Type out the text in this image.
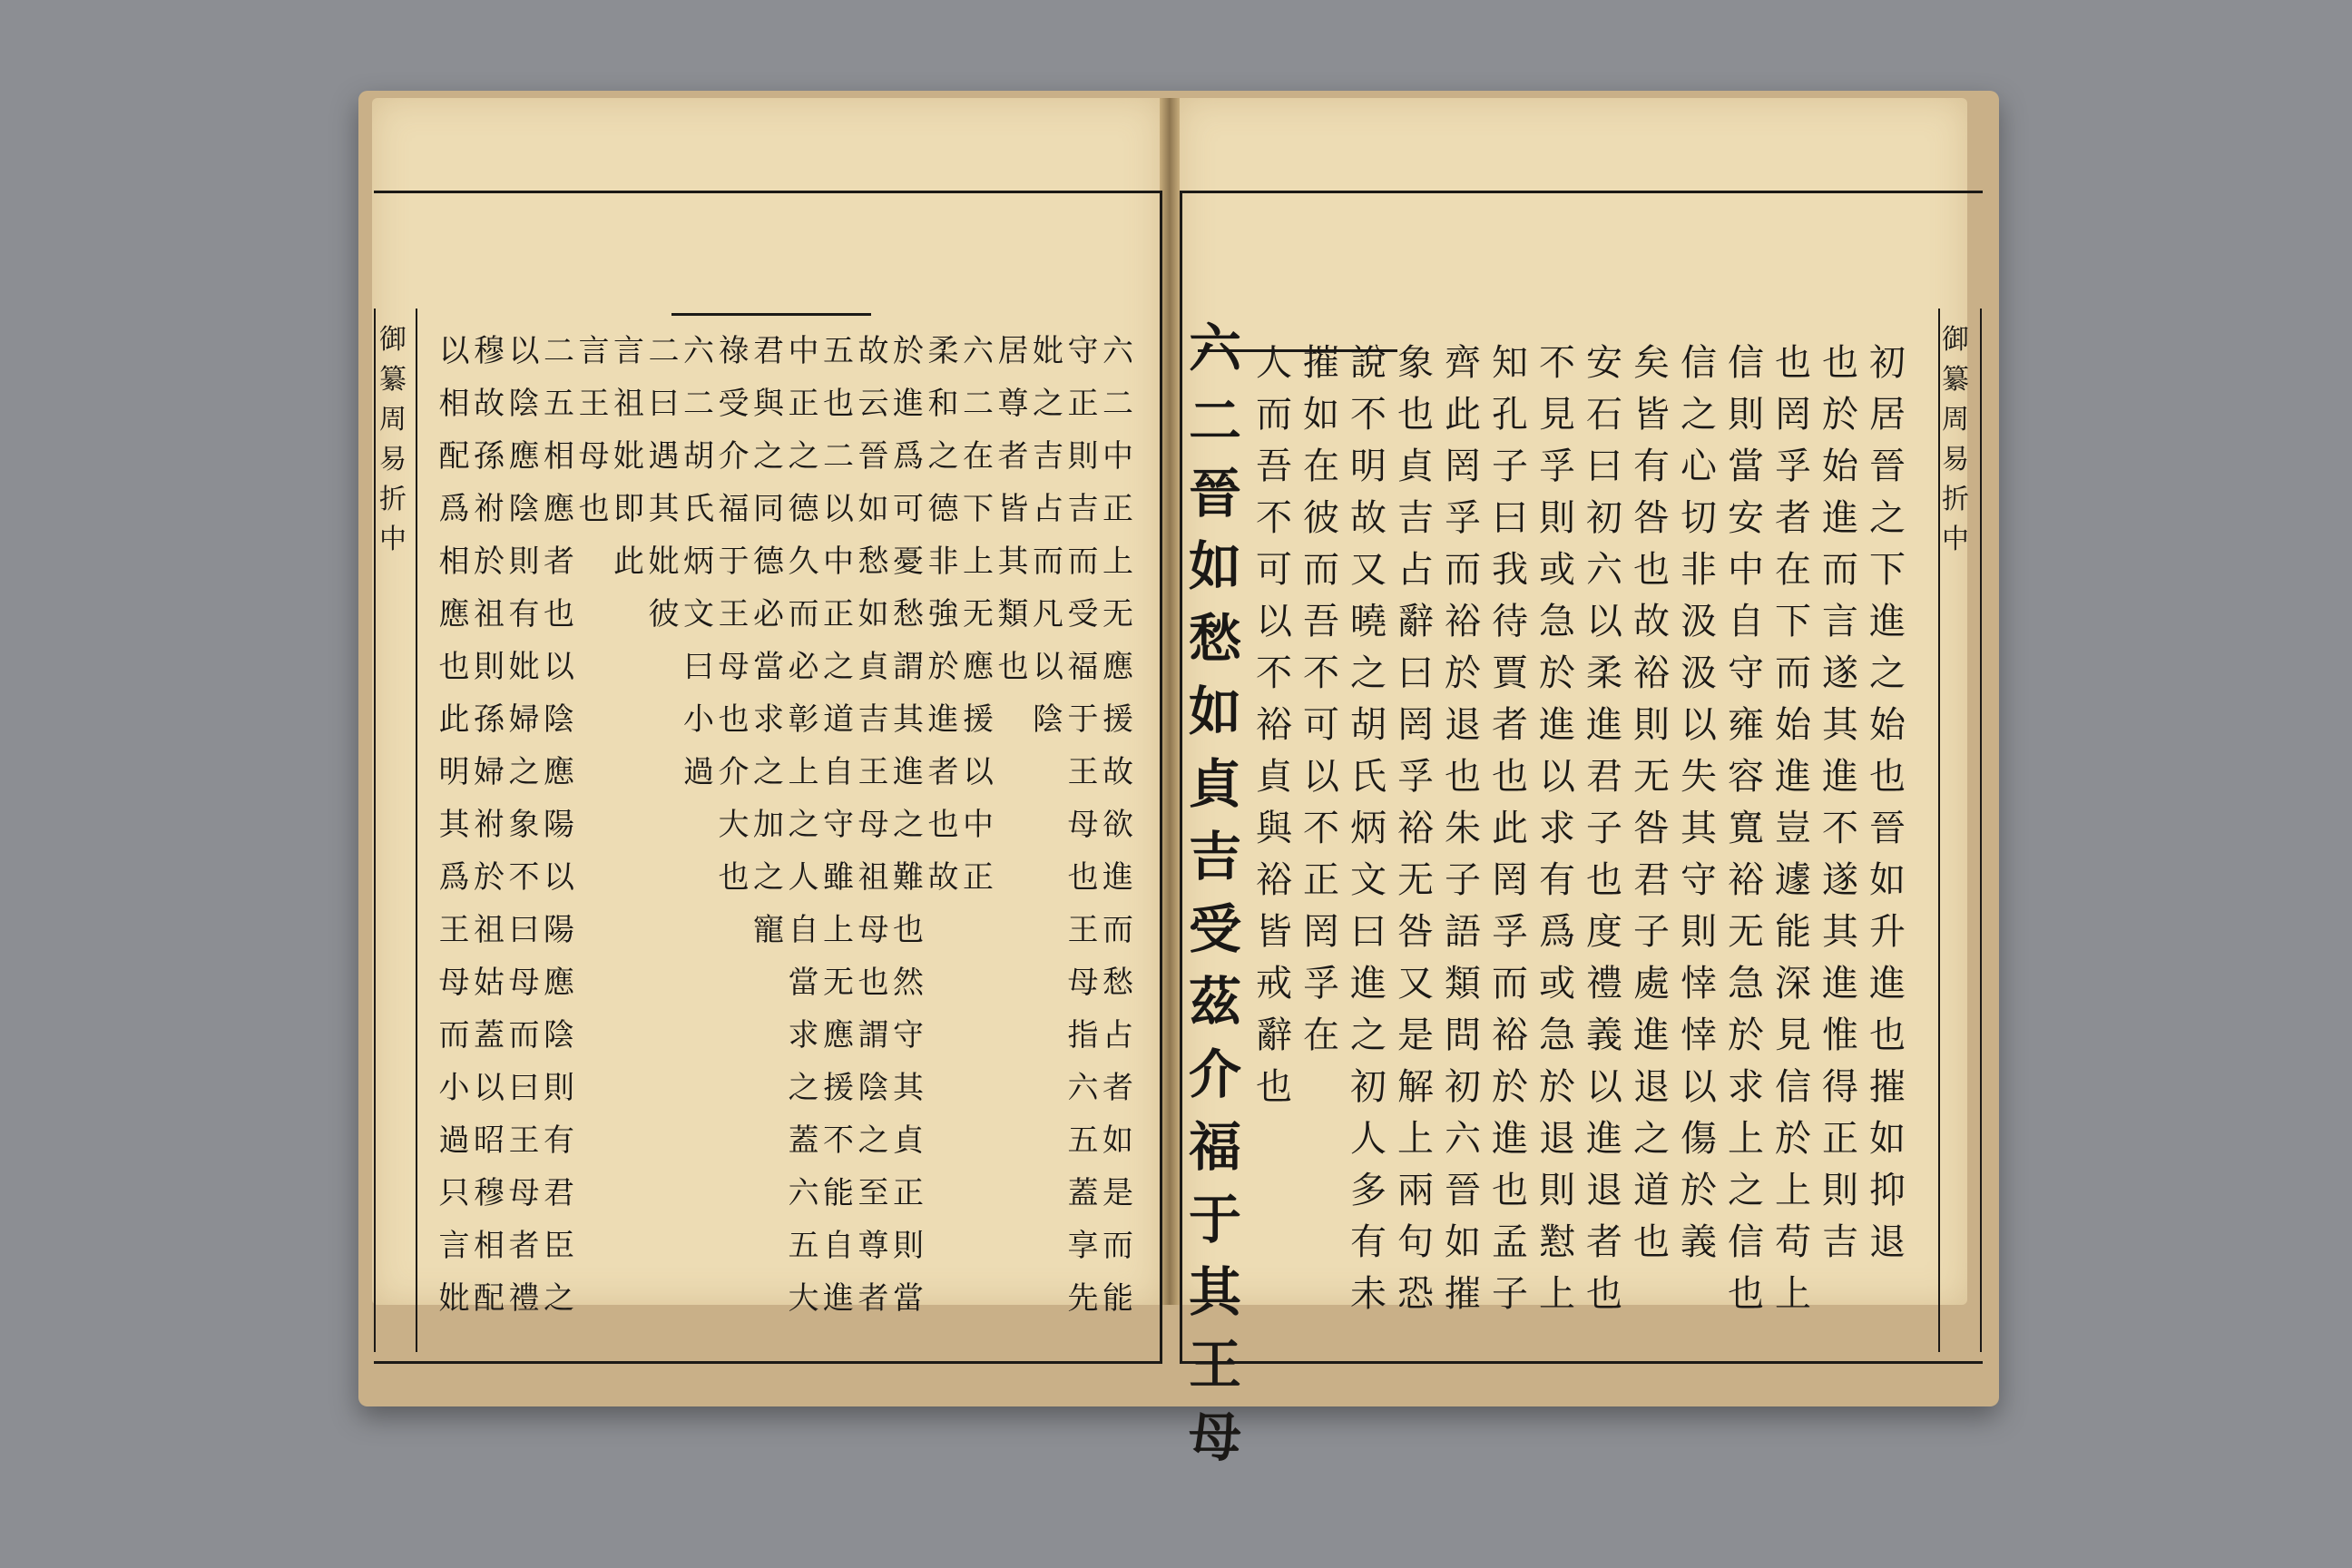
御
纂
周
易
折
中
初
居
晉
之
下
進
之
始
也
晉
如
升
進
也
摧
如
抑
退
也
於
始
進
而
言
遂
其
進
不
遂
其
進
惟
得
正
則
吉
也
罔
孚
者
在
下
而
始
進
豈
遽
能
深
見
信
於
上
苟
上
信
則
當
安
中
自
守
雍
容
寬
裕
无
急
於
求
上
之
信
也
信
之
心
切
非
汲
汲
以
失
其
守
則
悻
悻
以
傷
於
義
矣
皆
有
咎
也
故
裕
則
无
咎
君
子
處
進
退
之
道
也
安
石
曰
初
六
以
柔
進
君
子
也
度
禮
義
以
進
退
者
也
不
見
孚
則
或
急
於
進
以
求
有
爲
或
急
於
退
則
懟
上
知
孔
子
曰
我
待
賈
者
也
此
罔
孚
而
裕
於
進
也
孟
子
齊
此
罔
孚
而
裕
於
退
也
朱
子
語
類
問
初
六
晉
如
摧
象
也
貞
吉
占
辭
曰
罔
孚
裕
无
咎
又
是
解
上
兩
句
恐
說
不
明
故
又
曉
之
胡
氏
炳
文
曰
進
之
初
人
多
有
未
摧
如
在
彼
而
吾
不
可
以
不
正
罔
孚
在
人
而
吾
不
可
以
不
裕
貞
與
裕
皆
戒
辭
也
六
二
晉
如
愁
如
貞
吉
受
茲
介
福
于
其
王
母
御
纂
周
易
折
中
六
二
中
正
上
无
應
援
故
欲
進
而
愁
占
者
如
是
而
能
守
正
則
吉
而
受
福
于
王
母
也
王
母
指
六
五
蓋
享
先
妣
之
吉
占
而
凡
以
陰
居
尊
者
皆
其
類
也
六
二
在
下
上
无
應
援
以
中
正
柔
和
之
德
非
強
於
進
者
也
故
於
進
爲
可
憂
愁
謂
其
進
之
難
也
然
守
其
貞
正
則
當
故
云
晉
如
愁
如
貞
吉
王
母
祖
母
也
謂
陰
之
至
尊
者
五
也
二
以
中
正
之
道
自
守
雖
上
无
應
援
不
能
自
進
中
正
之
德
久
而
必
彰
上
之
人
自
當
求
之
蓋
六
五
大
君
與
之
同
德
必
當
求
之
加
之
寵
祿
受
介
福
于
王
母
也
介
大
也
六
二
胡
氏
炳
文
曰
小
過
二
曰
遇
其
妣
彼
言
祖
妣
即
此
言
王
母
也
二
五
相
應
者
也
以
陰
應
陽
以
陽
應
陰
則
有
君
臣
之
以
陰
應
陰
則
有
妣
婦
之
象
不
曰
母
而
曰
王
母
者
禮
穆
故
孫
祔
於
祖
則
孫
婦
祔
於
祖
姑
蓋
以
昭
穆
相
配
以
相
配
爲
相
應
也
此
明
其
爲
王
母
而
小
過
只
言
妣
